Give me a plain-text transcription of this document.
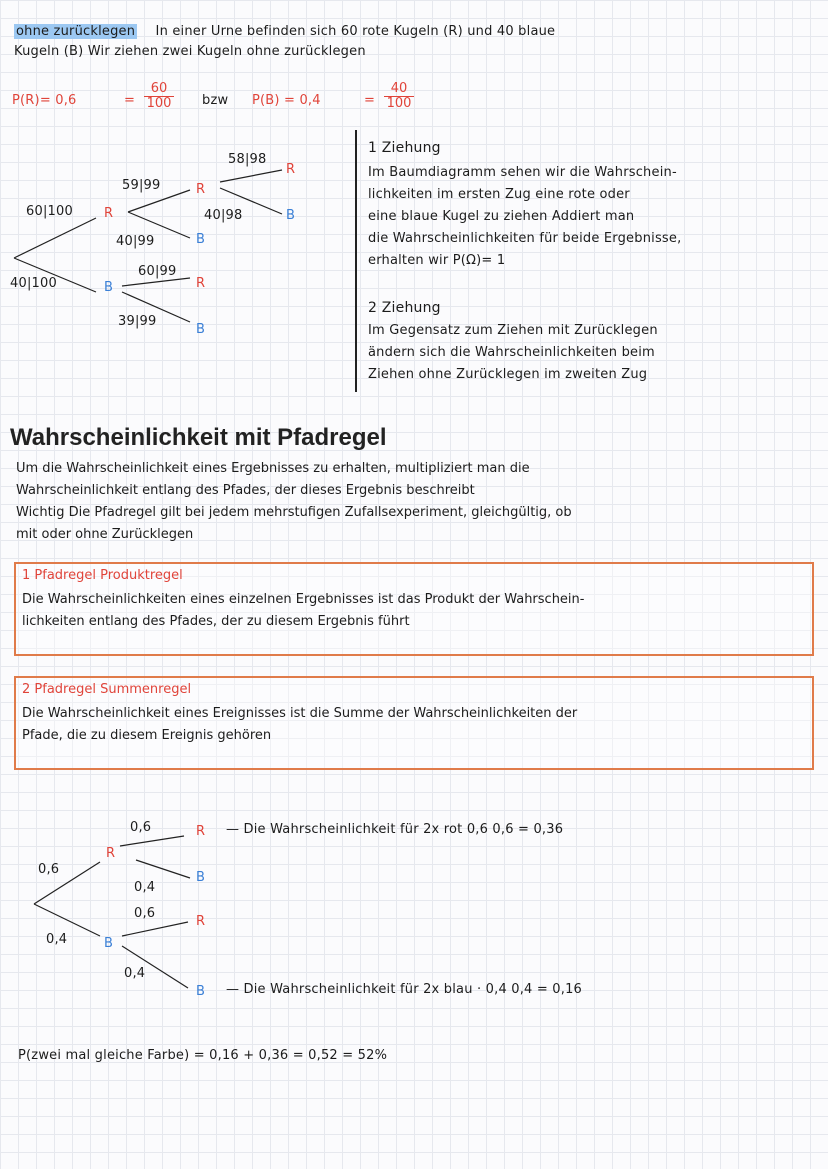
ohne zurücklegen In einer Urne befinden sich 60 rote Kugeln (R) und 40 blaue
Kugeln (B) Wir ziehen zwei Kugeln ohne zurücklegen
P(R)= 0,6	=
60
100 bzw P(B) = 0,4	=
40
100
60|100
40|100
R
B
59|99
40|99
60|99
39|99
R
B
R
B
58|98
40|98
R
B
1 Ziehung
Im Baumdiagramm sehen wir die Wahrschein-
lichkeiten im ersten Zug eine rote oder
eine blaue Kugel zu ziehen Addiert man
die Wahrscheinlichkeiten für beide Ergebnisse,
erhalten wir P(Ω)= 1
2 Ziehung
Im Gegensatz zum Ziehen mit Zurücklegen
ändern sich die Wahrscheinlichkeiten beim
Ziehen ohne Zurücklegen im zweiten Zug
Wahrscheinlichkeit mit Pfadregel
Um die Wahrscheinlichkeit eines Ergebnisses zu erhalten, multipliziert man die
Wahrscheinlichkeit entlang des Pfades, der dieses Ergebnis beschreibt
Wichtig Die Pfadregel gilt bei jedem mehrstufigen Zufallsexperiment, gleichgültig, ob
mit oder ohne Zurücklegen
1 Pfadregel Produktregel
Die Wahrscheinlichkeiten eines einzelnen Ergebnisses ist das Produkt der Wahrschein-
lichkeiten entlang des Pfades, der zu diesem Ergebnis führt
2 Pfadregel Summenregel
Die Wahrscheinlichkeit eines Ereignisses ist die Summe der Wahrscheinlichkeiten der
Pfade, die zu diesem Ereignis gehören
0,6
0,4
R
B
0,6
0,4
0,6
0,4
R
B
R
B
— Die Wahrscheinlichkeit für 2x rot 0,6 0,6 = 0,36
— Die Wahrscheinlichkeit für 2x blau · 0,4 0,4 = 0,16
P(zwei mal gleiche Farbe) = 0,16 + 0,36 = 0,52 = 52%
